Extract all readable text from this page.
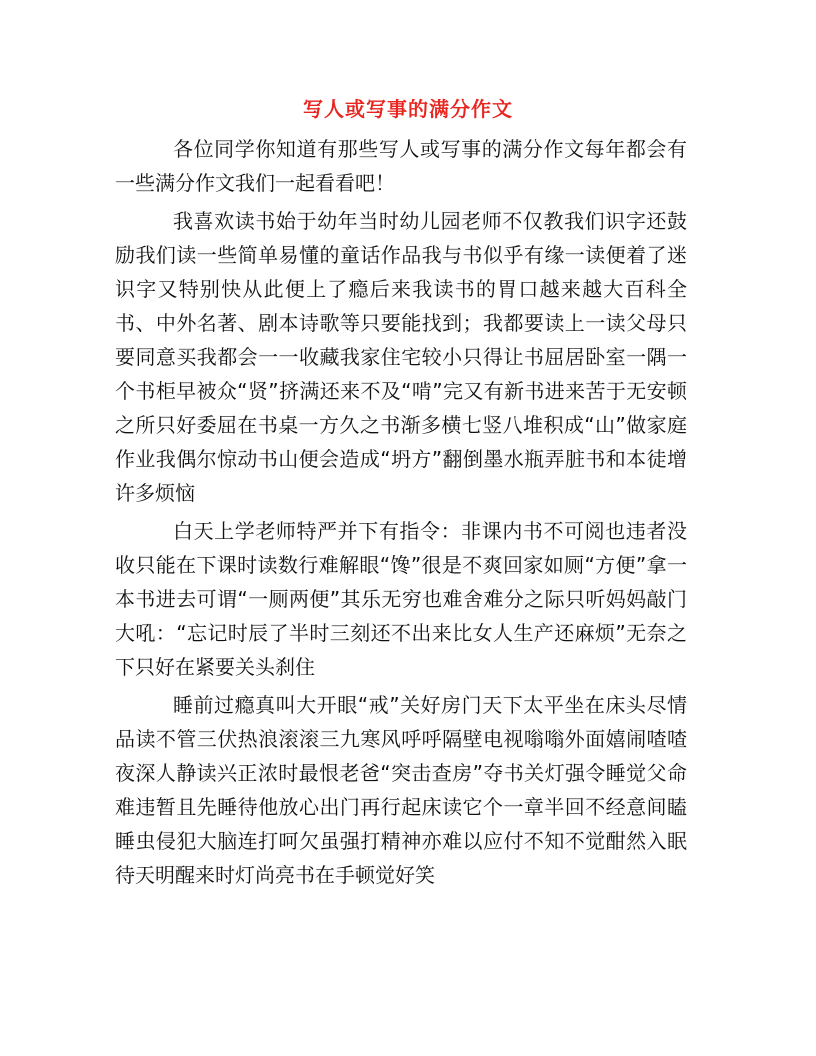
写人或写事的满分作文

各位同学你知道有那些写人或写事的满分作文每年都会有一些满分作文我们一起看看吧！

我喜欢读书始于幼年当时幼儿园老师不仅教我们识字还鼓励我们读一些简单易懂的童话作品我与书似乎有缘一读便着了迷识字又特别快从此便上了瘾后来我读书的胃口越来越大百科全书、中外名著、剧本诗歌等只要能找到；我都要读上一读父母只要同意买我都会一一收藏我家住宅较小只得让书屈居卧室一隅一个书柜早被众“贤”挤满还来不及“啃”完又有新书进来苦于无安顿之所只好委屈在书桌一方久之书渐多横七竖八堆积成“山”做家庭作业我偶尔惊动书山便会造成“坍方”翻倒墨水瓶弄脏书和本徒增许多烦恼

白天上学老师特严并下有指令：非课内书不可阅也违者没收只能在下课时读数行难解眼“馋”很是不爽回家如厕“方便”拿一本书进去可谓“一厕两便”其乐无穷也难舍难分之际只听妈妈敲门大吼：“忘记时辰了半时三刻还不出来比女人生产还麻烦”无奈之下只好在紧要关头刹住

睡前过瘾真叫大开眼“戒”关好房门天下太平坐在床头尽情品读不管三伏热浪滚滚三九寒风呼呼隔壁电视嗡嗡外面嬉闹喳喳夜深人静读兴正浓时最恨老爸“突击查房”夺书关灯强令睡觉父命难违暂且先睡待他放心出门再行起床读它个一章半回不经意间瞌睡虫侵犯大脑连打呵欠虽强打精神亦难以应付不知不觉酣然入眠待天明醒来时灯尚亮书在手顿觉好笑
